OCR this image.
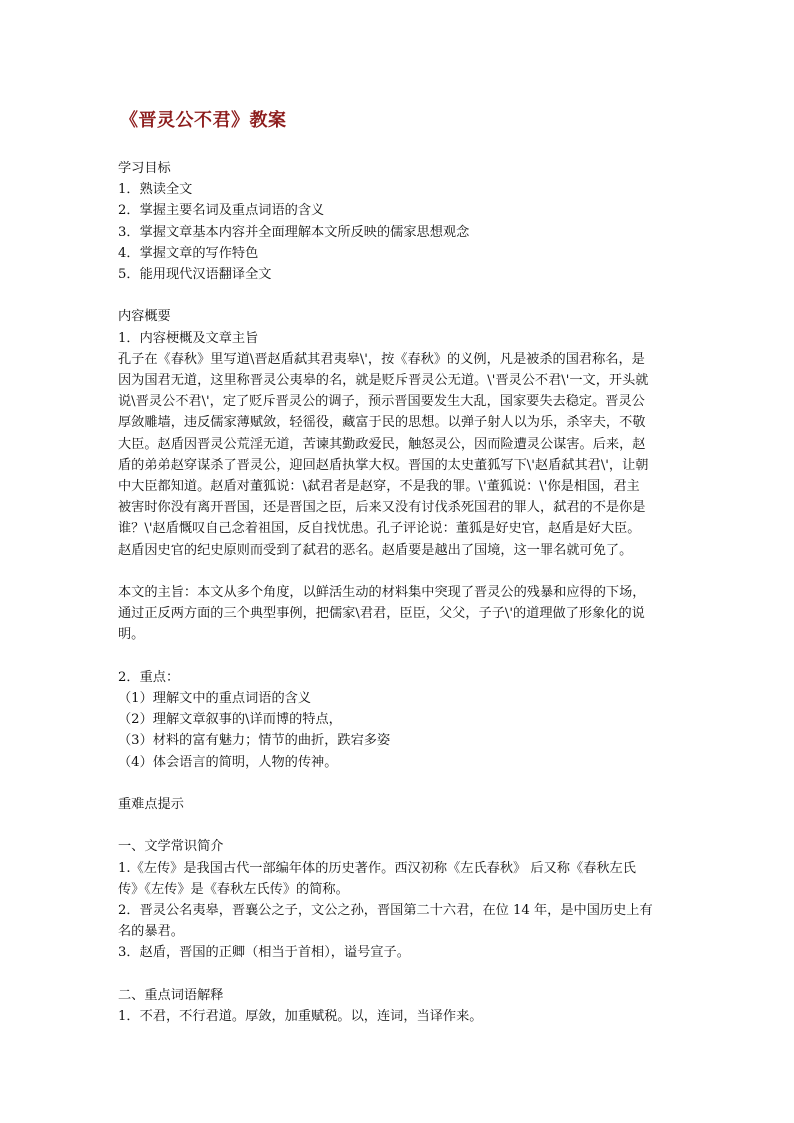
《晋灵公不君》教案
学习目标
1．熟读全文
2．掌握主要名词及重点词语的含义
3．掌握文章基本内容并全面理解本文所反映的儒家思想观念
4．掌握文章的写作特色
5．能用现代汉语翻译全文
内容概要
1．内容梗概及文章主旨
孔子在《春秋》里写道\晋赵盾弑其君夷皋\'，按《春秋》的义例，凡是被杀的国君称名，是
因为国君无道，这里称晋灵公夷皋的名，就是贬斥晋灵公无道。\'晋灵公不君\'一文，开头就
说\晋灵公不君\'，定了贬斥晋灵公的调子，预示晋国要发生大乱，国家要失去稳定。晋灵公
厚敛雕墙，违反儒家薄赋敛，轻徭役，藏富于民的思想。以弹子射人以为乐，杀宰夫，不敬
大臣。赵盾因晋灵公荒淫无道，苦谏其勤政爱民，触怒灵公，因而险遭灵公谋害。后来，赵
盾的弟弟赵穿谋杀了晋灵公，迎回赵盾执掌大权。晋国的太史董狐写下\'赵盾弑其君\'，让朝
中大臣都知道。赵盾对董狐说：\弑君者是赵穿，不是我的罪。\'董狐说：\'你是相国，君主
被害时你没有离开晋国，还是晋国之臣，后来又没有讨伐杀死国君的罪人，弑君的不是你是
谁？\'赵盾慨叹自己念着祖国，反自找忧患。孔子评论说：董狐是好史官，赵盾是好大臣。
赵盾因史官的纪史原则而受到了弑君的恶名。赵盾要是越出了国境，这一罪名就可免了。
本文的主旨：本文从多个角度，以鲜活生动的材料集中突现了晋灵公的残暴和应得的下场，
通过正反两方面的三个典型事例，把儒家\君君，臣臣，父父，子子\'的道理做了形象化的说
明。
2．重点：
（1）理解文中的重点词语的含义
（2）理解文章叙事的\详而博的特点，
（3）材料的富有魅力；情节的曲折，跌宕多姿
（4）体会语言的简明，人物的传神。
重难点提示
一、文学常识简介
1.《左传》是我国古代一部编年体的历史著作。西汉初称《左氏春秋》 后又称《春秋左氏
传》《左传》是《春秋左氏传》的简称。
2．晋灵公名夷皋，晋襄公之子，文公之孙，晋国第二十六君，在位 14 年，是中国历史上有
名的暴君。
3．赵盾，晋国的正卿（相当于首相），谥号宣子。
二、重点词语解释
1．不君，不行君道。厚敛，加重赋税。以，连词，当译作来。
